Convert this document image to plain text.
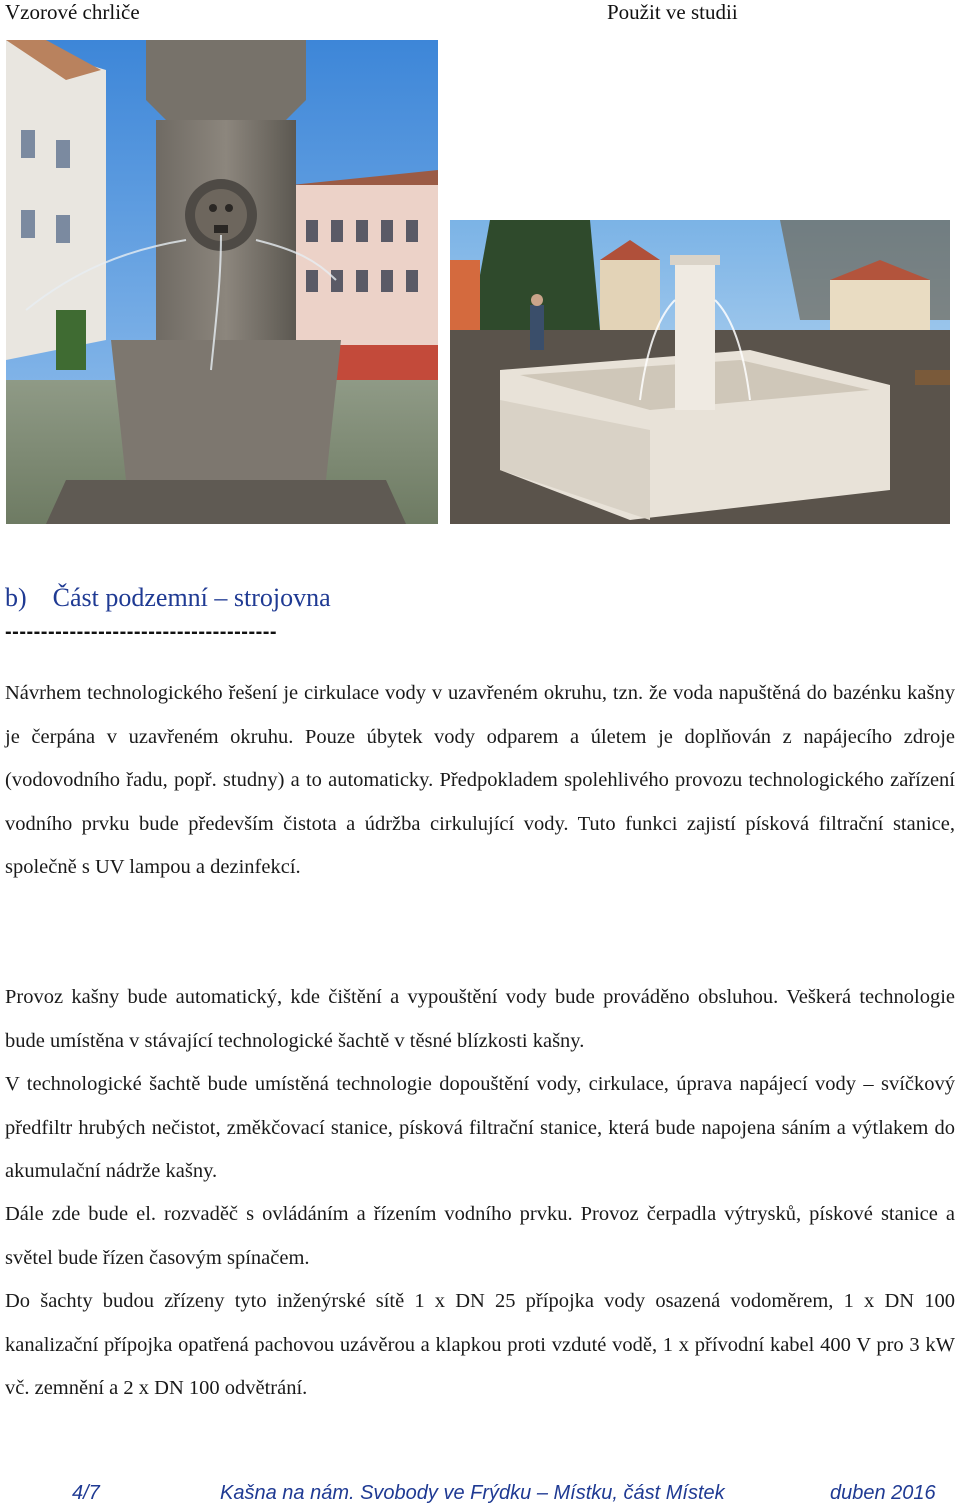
Vzorové chrliče	Použit ve studii
b)    Část podzemní – strojovna
--------------------------------------

Návrhem technologického řešení je cirkulace vody v uzavřeném okruhu, tzn. že voda napuštěná do bazénku kašny je čerpána v uzavřeném okruhu. Pouze úbytek vody odparem a úletem je doplňován z napájecího zdroje (vodovodního řadu, popř. studny) a to automaticky. Předpokladem spolehlivého provozu technologického zařízení vodního prvku bude především čistota a údržba cirkulující vody. Tuto funkci zajistí písková filtrační stanice, společně s UV lampou a dezinfekcí.

Provoz kašny bude automatický, kde čištění a vypouštění vody bude prováděno obsluhou. Veškerá technologie bude umístěna v stávající technologické šachtě v těsné blízkosti kašny.

V technologické šachtě bude umístěná technologie dopouštění vody, cirkulace, úprava napájecí vody – svíčkový předfiltr hrubých nečistot, změkčovací stanice, písková filtrační stanice, která bude napojena sáním a výtlakem do akumulační nádrže kašny.

Dále zde bude el. rozvaděč s ovládáním a řízením vodního prvku. Provoz čerpadla výtrysků, pískové stanice a světel bude řízen časovým spínačem.

Do šachty budou zřízeny tyto inženýrské sítě 1 x DN 25 přípojka vody osazená vodoměrem, 1 x DN 100 kanalizační přípojka opatřená pachovou uzávěrou a klapkou proti vzduté vodě, 1 x přívodní kabel 400 V pro 3 kW vč. zemnění a 2 x DN 100 odvětrání.

4/7	Kašna na nám. Svobody ve Frýdku – Místku, část Místek	duben 2016
